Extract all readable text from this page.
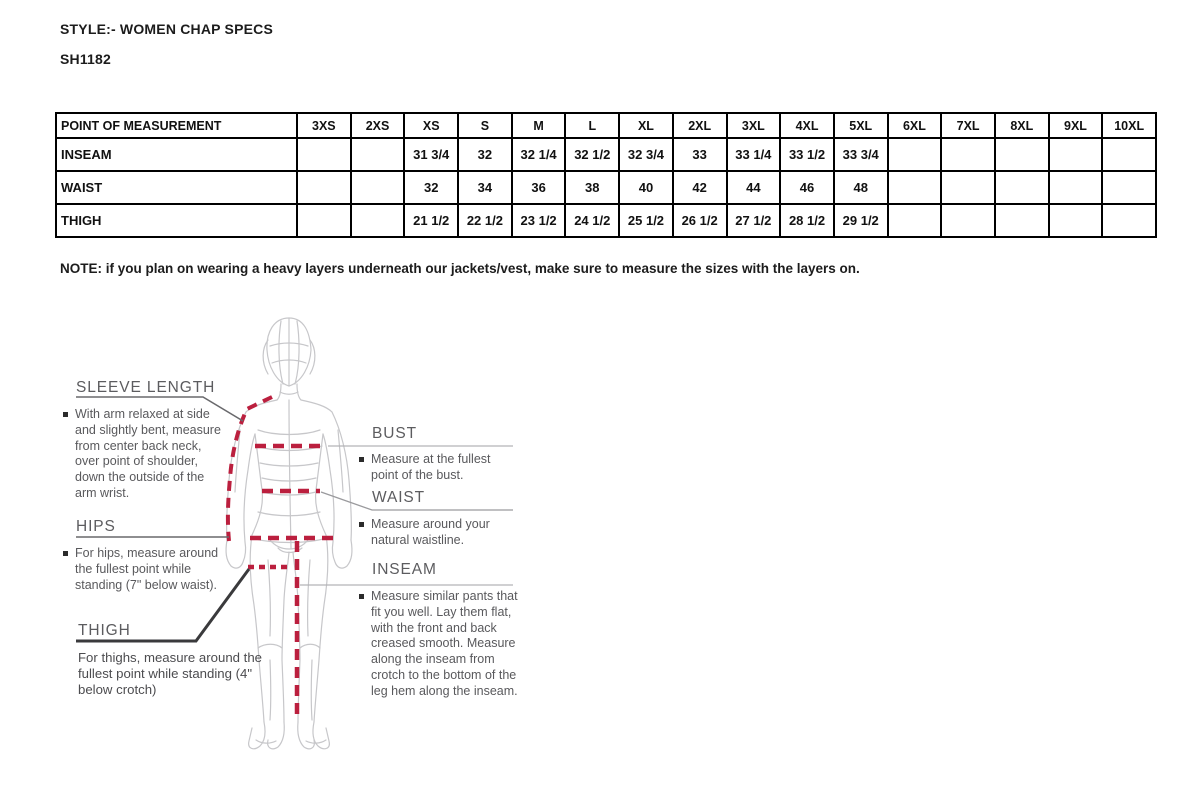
STYLE:- WOMEN CHAP SPECS
SH1182
POINT OF MEASUREMENT	3XS	2XS	XS	S	M	L	XL	2XL	3XL	4XL	5XL	6XL	7XL	8XL	9XL	10XL
INSEAM			31 3/4	32	32 1/4	32 1/2	32 3/4	33	33 1/4	33 1/2	33 3/4					
WAIST			32	34	36	38	40	42	44	46	48					
THIGH			21 1/2	22 1/2	23 1/2	24 1/2	25 1/2	26 1/2	27 1/2	28 1/2	29 1/2					
NOTE: if you plan on wearing a heavy layers underneath our jackets/vest, make sure to measure the sizes with the layers on.
SLEEVE LENGTH
With arm relaxed at side and slightly bent, measure from center back neck, over point of shoulder, down the outside of the arm wrist.
HIPS
For hips, measure around the fullest point while standing (7" below waist).
THIGH
For thighs, measure around the fullest point while standing (4" below crotch)
BUST
Measure at the fullest point of the bust.
WAIST
Measure around your natural waistline.
INSEAM
Measure similar pants that fit you well. Lay them flat, with the front and back creased smooth. Measure along the inseam from crotch to the bottom of the leg hem along the inseam.
